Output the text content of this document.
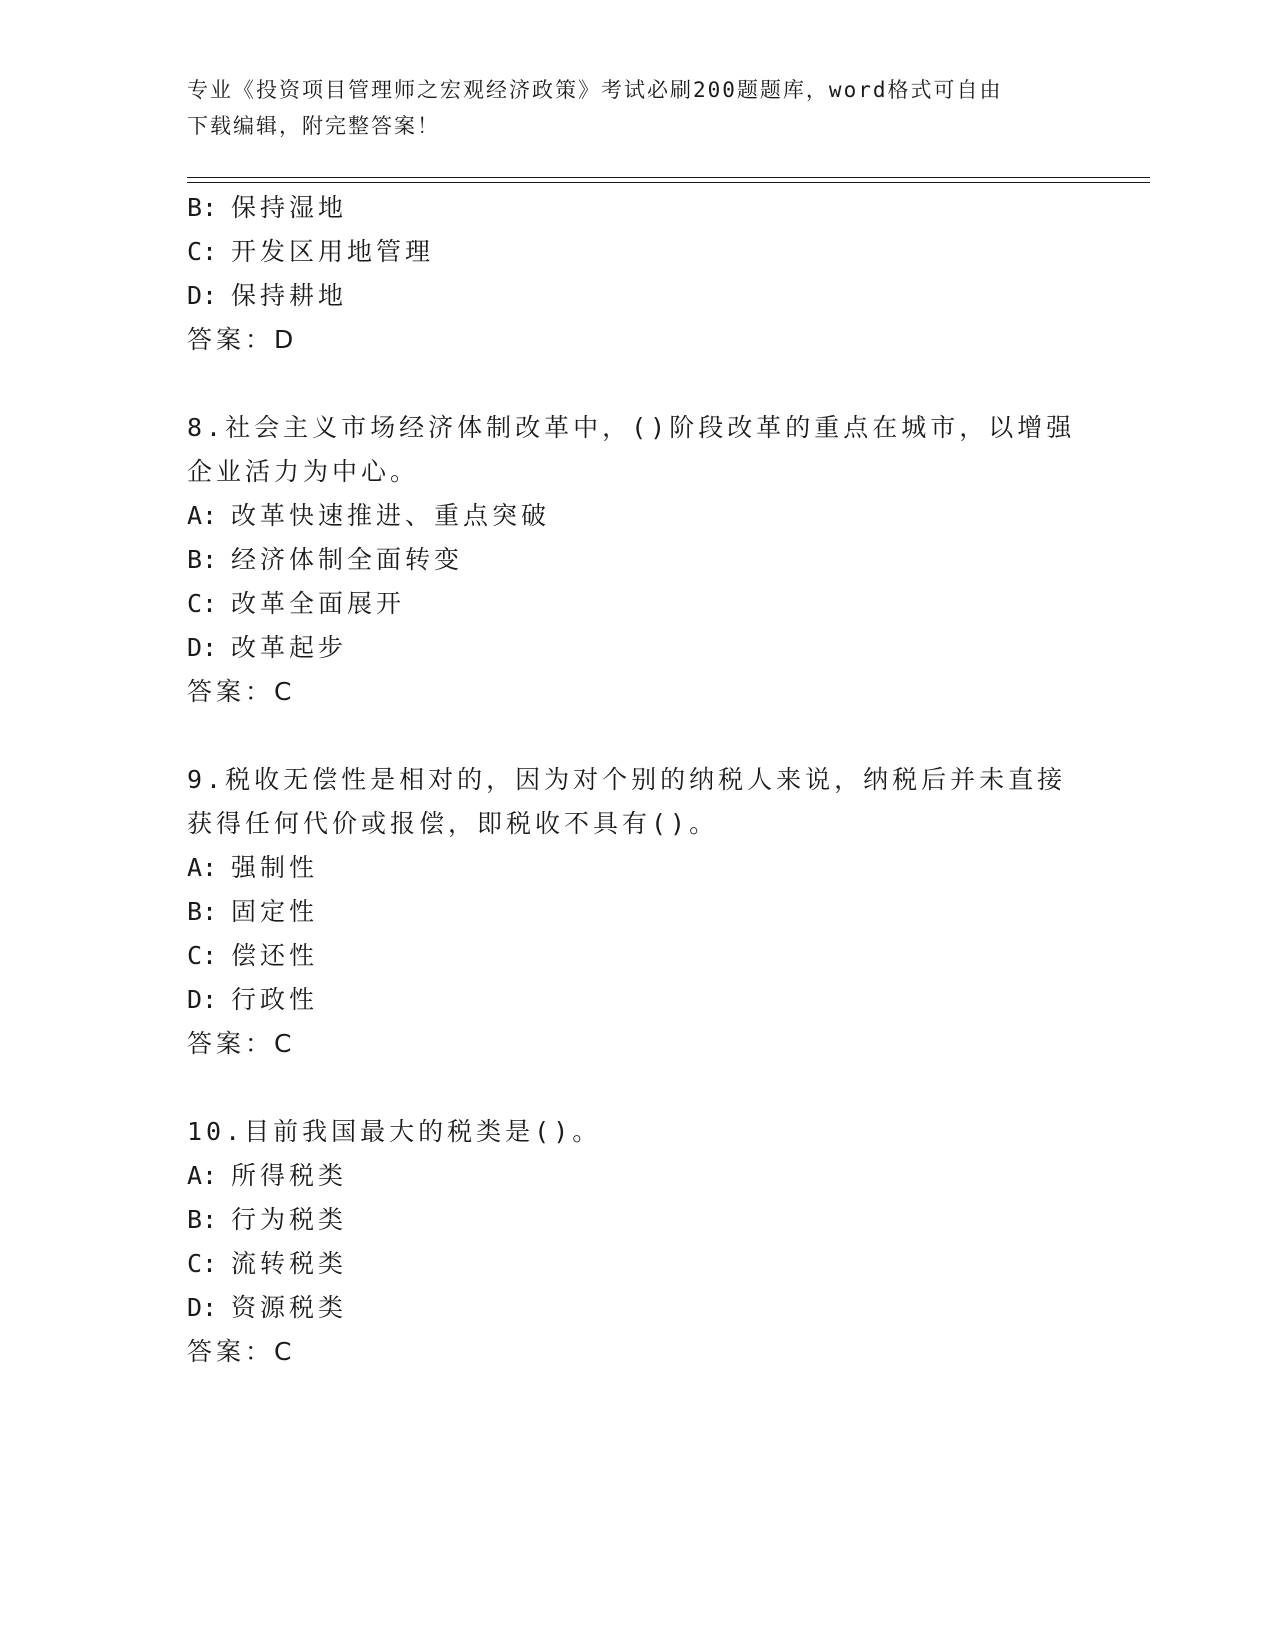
专业《投资项目管理师之宏观经济政策》考试必刷200题题库，word格式可自由
下载编辑，附完整答案！
B: 保持湿地
C: 开发区用地管理
D: 保持耕地
答案：D
8.社会主义市场经济体制改革中，()阶段改革的重点在城市，以增强
企业活力为中心。
A: 改革快速推进、重点突破
B: 经济体制全面转变
C: 改革全面展开
D: 改革起步
答案：C
9.税收无偿性是相对的，因为对个别的纳税人来说，纳税后并未直接
获得任何代价或报偿，即税收不具有()。
A: 强制性
B: 固定性
C: 偿还性
D: 行政性
答案：C
10.目前我国最大的税类是()。
A: 所得税类
B: 行为税类
C: 流转税类
D: 资源税类
答案：C
